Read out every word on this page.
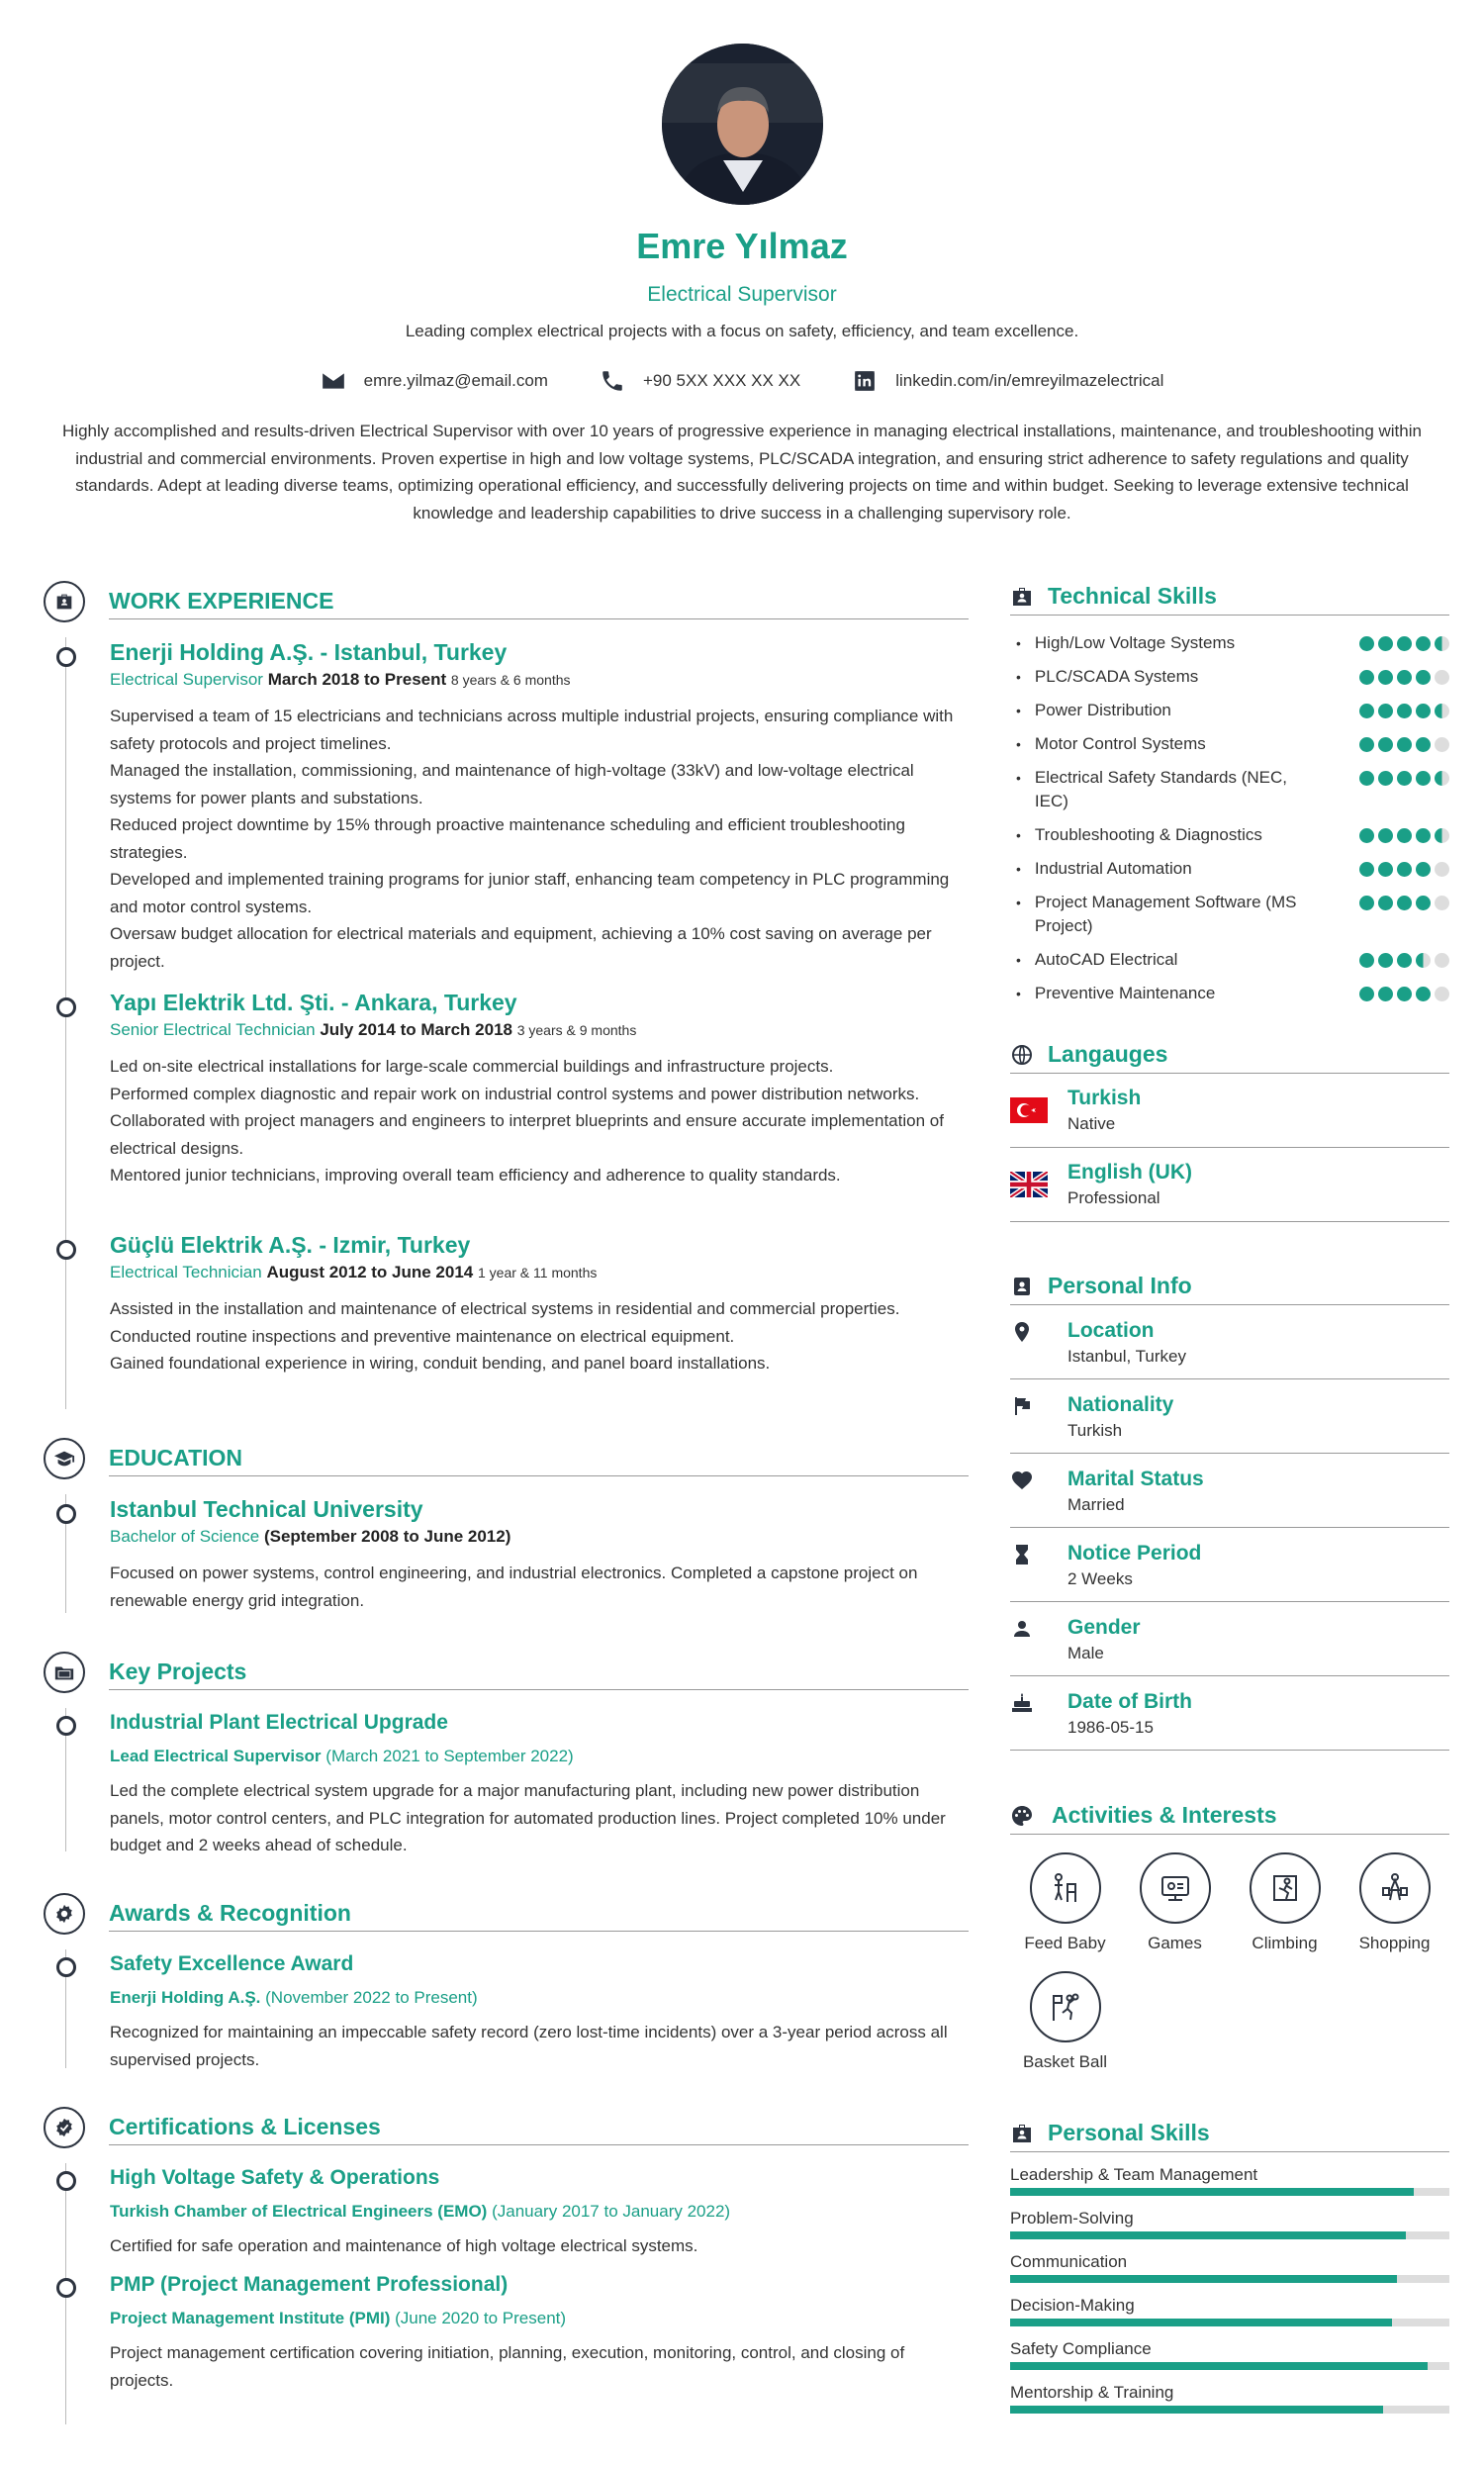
Emre Yılmaz
Electrical Supervisor
Leading complex electrical projects with a focus on safety, efficiency, and team excellence.
emre.yilmaz@email.com	+90 5XX XXX XX XX	linkedin.com/in/emreyilmazelectrical
Highly accomplished and results-driven Electrical Supervisor with over 10 years of progressive experience in managing electrical installations, maintenance, and troubleshooting within industrial and commercial environments. Proven expertise in high and low voltage systems, PLC/SCADA integration, and ensuring strict adherence to safety regulations and quality standards. Adept at leading diverse teams, optimizing operational efficiency, and successfully delivering projects on time and within budget. Seeking to leverage extensive technical knowledge and leadership capabilities to drive success in a challenging supervisory role.
WORK EXPERIENCE
Enerji Holding A.Ş. - Istanbul, Turkey
Electrical Supervisor March 2018 to Present 8 years & 6 months

Supervised a team of 15 electricians and technicians across multiple industrial projects, ensuring compliance with safety protocols and project timelines.

Managed the installation, commissioning, and maintenance of high-voltage (33kV) and low-voltage electrical systems for power plants and substations.

Reduced project downtime by 15% through proactive maintenance scheduling and efficient troubleshooting strategies.

Developed and implemented training programs for junior staff, enhancing team competency in PLC programming and motor control systems.

Oversaw budget allocation for electrical materials and equipment, achieving a 10% cost saving on average per project.

Yapı Elektrik Ltd. Şti. - Ankara, Turkey
Senior Electrical Technician July 2014 to March 2018 3 years & 9 months

Led on-site electrical installations for large-scale commercial buildings and infrastructure projects.

Performed complex diagnostic and repair work on industrial control systems and power distribution networks.

Collaborated with project managers and engineers to interpret blueprints and ensure accurate implementation of electrical designs.

Mentored junior technicians, improving overall team efficiency and adherence to quality standards.

Güçlü Elektrik A.Ş. - Izmir, Turkey
Electrical Technician August 2012 to June 2014 1 year & 11 months

Assisted in the installation and maintenance of electrical systems in residential and commercial properties.

Conducted routine inspections and preventive maintenance on electrical equipment.

Gained foundational experience in wiring, conduit bending, and panel board installations.

EDUCATION
Istanbul Technical University
Bachelor of Science (September 2008 to June 2012)
Focused on power systems, control engineering, and industrial electronics. Completed a capstone project on renewable energy grid integration.
Key Projects
Industrial Plant Electrical Upgrade
Lead Electrical Supervisor (March 2021 to September 2022)
Led the complete electrical system upgrade for a major manufacturing plant, including new power distribution panels, motor control centers, and PLC integration for automated production lines. Project completed 10% under budget and 2 weeks ahead of schedule.
Awards & Recognition
Safety Excellence Award
Enerji Holding A.Ş. (November 2022 to Present)
Recognized for maintaining an impeccable safety record (zero lost-time incidents) over a 3-year period across all supervised projects.
Certifications & Licenses
High Voltage Safety & Operations
Turkish Chamber of Electrical Engineers (EMO) (January 2017 to January 2022)
Certified for safe operation and maintenance of high voltage electrical systems.
PMP (Project Management Professional)
Project Management Institute (PMI) (June 2020 to Present)
Project management certification covering initiation, planning, execution, monitoring, control, and closing of projects.
Technical Skills
• High/Low Voltage Systems
• PLC/SCADA Systems
• Power Distribution
• Motor Control Systems
• Electrical Safety Standards (NEC, IEC)
• Troubleshooting & Diagnostics
• Industrial Automation
• Project Management Software (MS Project)
• AutoCAD Electrical
• Preventive Maintenance
Langauges
Turkish
Native
English (UK)
Professional
Personal Info
Location
Istanbul, Turkey
Nationality
Turkish
Marital Status
Married
Notice Period
2 Weeks
Gender
Male
Date of Birth
1986-05-15
Activities & Interests
Feed Baby	Games	Climbing	Shopping
Basket Ball
Personal Skills
Leadership & Team Management
Problem-Solving
Communication
Decision-Making
Safety Compliance
Mentorship & Training
